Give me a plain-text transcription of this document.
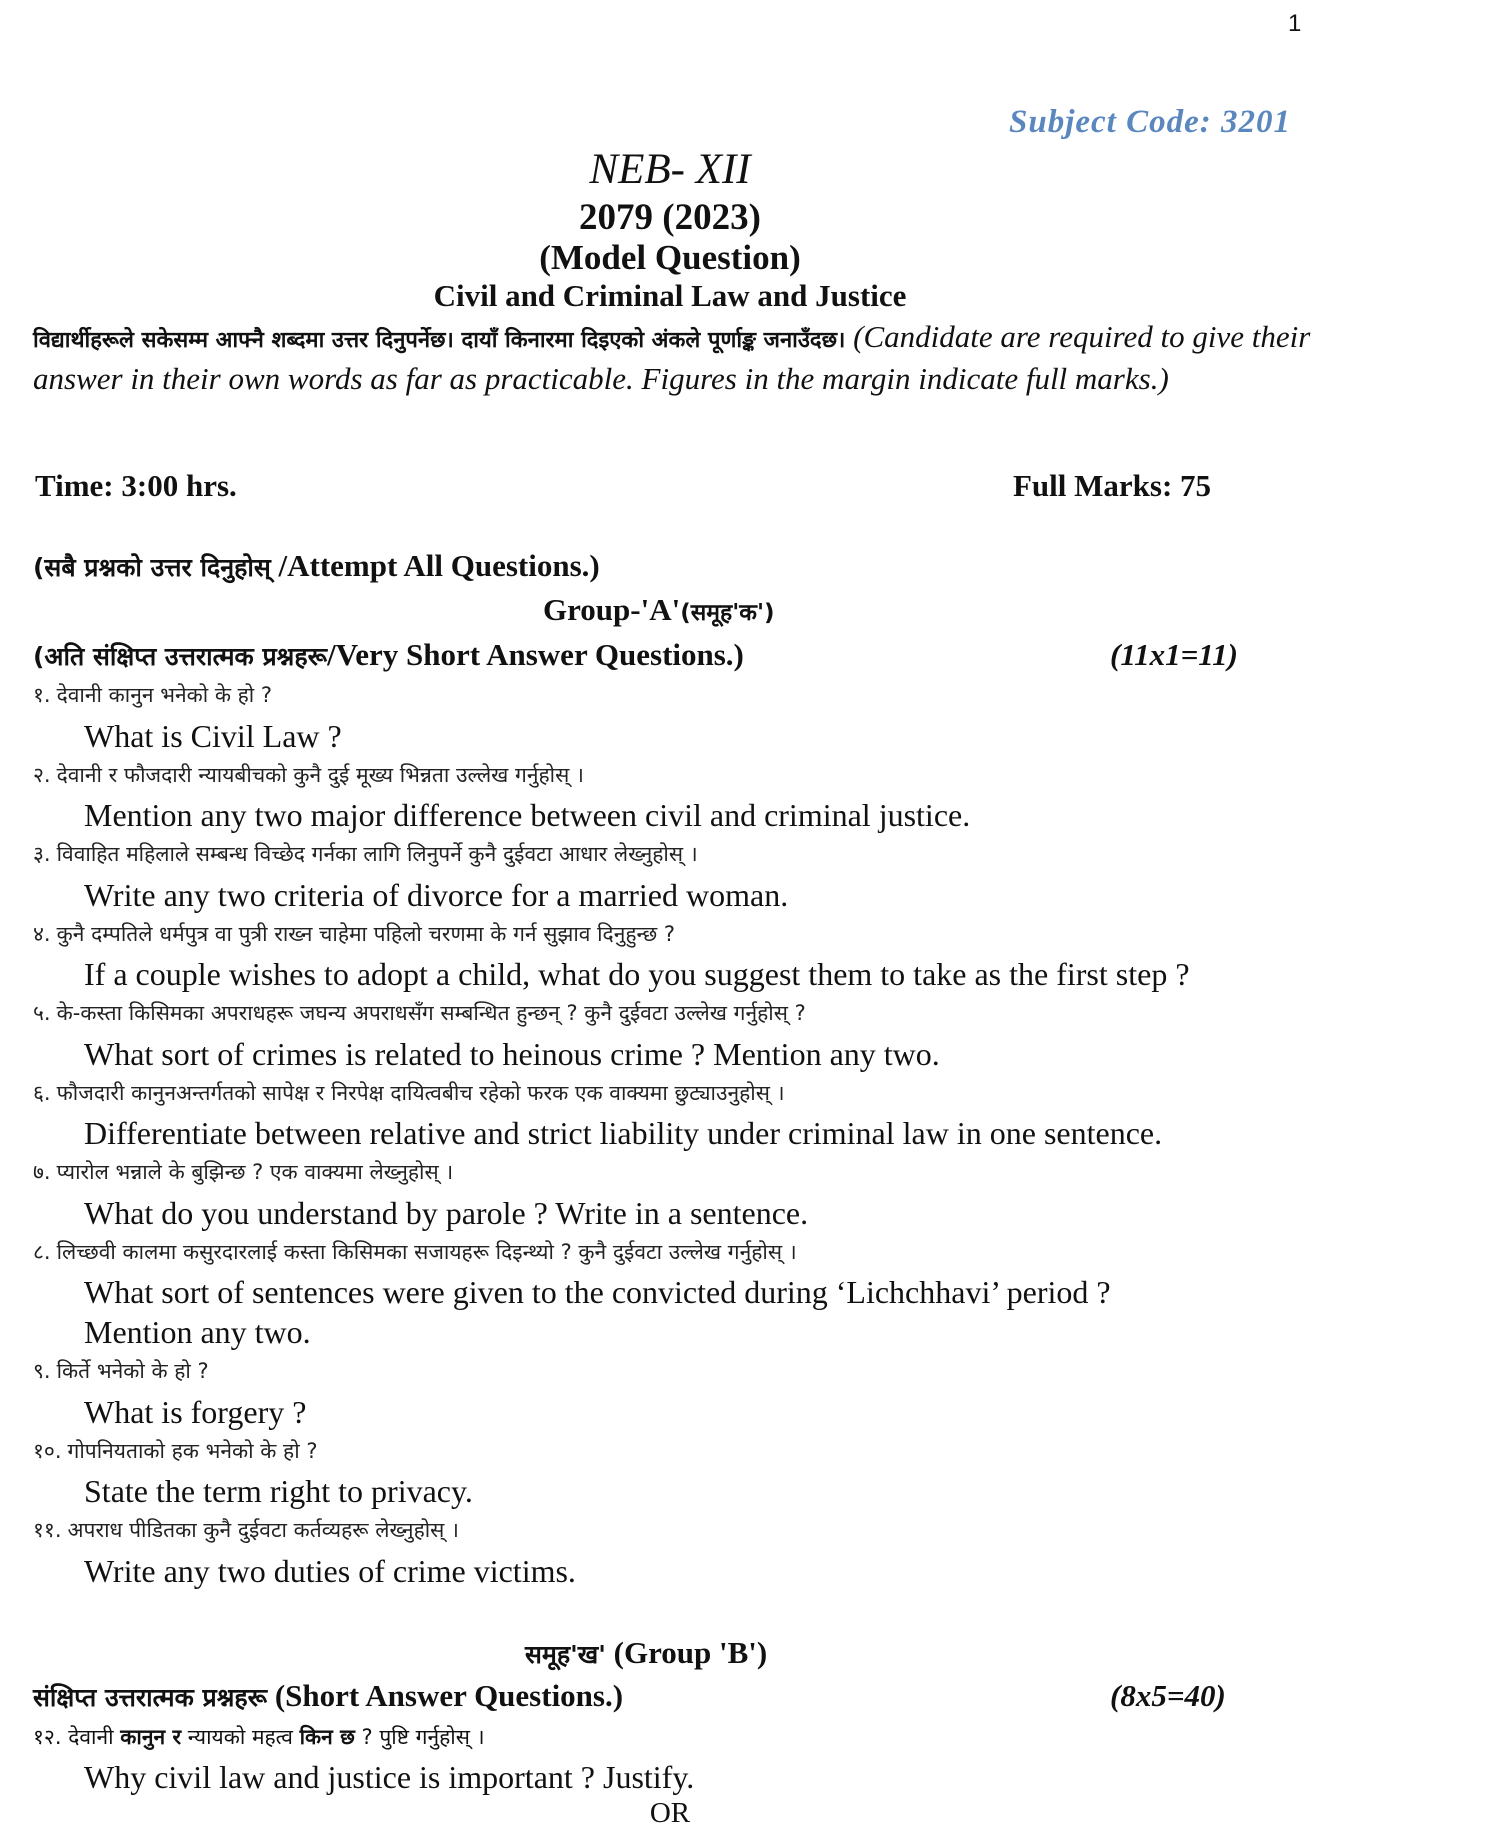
1
Subject Code: 3201
NEB- XII
2079 (2023)
(Model Question)
Civil and Criminal Law and Justice
विद्यार्थीहरूले सकेसम्म आफ्नै शब्दमा उत्तर दिनुपर्नेछ। दायाँ किनारमा दिइएको अंकले पूर्णाङ्क जनाउँदछ। (Candidate are required to give their answer in their own words as far as practicable. Figures in the margin indicate full marks.)
Time: 3:00 hrs.	Full Marks: 75
(सबै प्रश्नको उत्तर दिनुहोस् /Attempt All Questions.)
Group-'A'(समूह'क')
(अति संक्षिप्त उत्तरात्मक प्रश्नहरू/Very Short Answer Questions.)	(11x1=11)
१. देवानी कानुन भनेको के हो ?
What is Civil Law ?
२. देवानी र फौजदारी न्यायबीचको कुनै दुई मूख्य भिन्नता उल्लेख गर्नुहोस् ।
Mention any two major difference between civil and criminal justice.
३. विवाहित महिलाले सम्बन्ध विच्छेद गर्नका लागि लिनुपर्ने कुनै दुईवटा आधार लेख्नुहोस् ।
Write any two criteria of divorce for a married woman.
४. कुनै दम्पतिले धर्मपुत्र वा पुत्री राख्न चाहेमा पहिलो चरणमा के गर्न सुझाव दिनुहुन्छ ?
If a couple wishes to adopt a child, what do you suggest them to take as the first step ?
५. के-कस्ता किसिमका अपराधहरू जघन्य अपराधसँग सम्बन्धित हुन्छन् ? कुनै दुईवटा उल्लेख गर्नुहोस् ?
What sort of crimes is related to heinous crime ? Mention any two.
६. फौजदारी कानुनअन्तर्गतको सापेक्ष र निरपेक्ष दायित्वबीच रहेको फरक एक वाक्यमा छुट्याउनुहोस् ।
Differentiate between relative and strict liability under criminal law in one sentence.
७. प्यारोल भन्नाले के बुझिन्छ ? एक वाक्यमा लेख्नुहोस् ।
What do you understand by parole ? Write in a sentence.
८. लिच्छवी कालमा कसुरदारलाई कस्ता किसिमका सजायहरू दिइन्थ्यो ? कुनै दुईवटा उल्लेख गर्नुहोस् ।
What sort of sentences were given to the convicted during ‘Lichchhavi’ period ?
Mention any two.
९. किर्ते भनेको के हो ?
What is forgery ?
१०. गोपनियताको हक भनेको के हो ?
State the term right to privacy.
११. अपराध पीडितका कुनै दुईवटा कर्तव्यहरू लेख्नुहोस् ।
Write any two duties of crime victims.
समूह'ख' (Group 'B')
संक्षिप्त उत्तरात्मक प्रश्नहरू (Short Answer Questions.)	(8x5=40)
१२. देवानी कानुन र न्यायको महत्व किन छ ? पुष्टि गर्नुहोस् ।
Why civil law and justice is important ? Justify.
OR
